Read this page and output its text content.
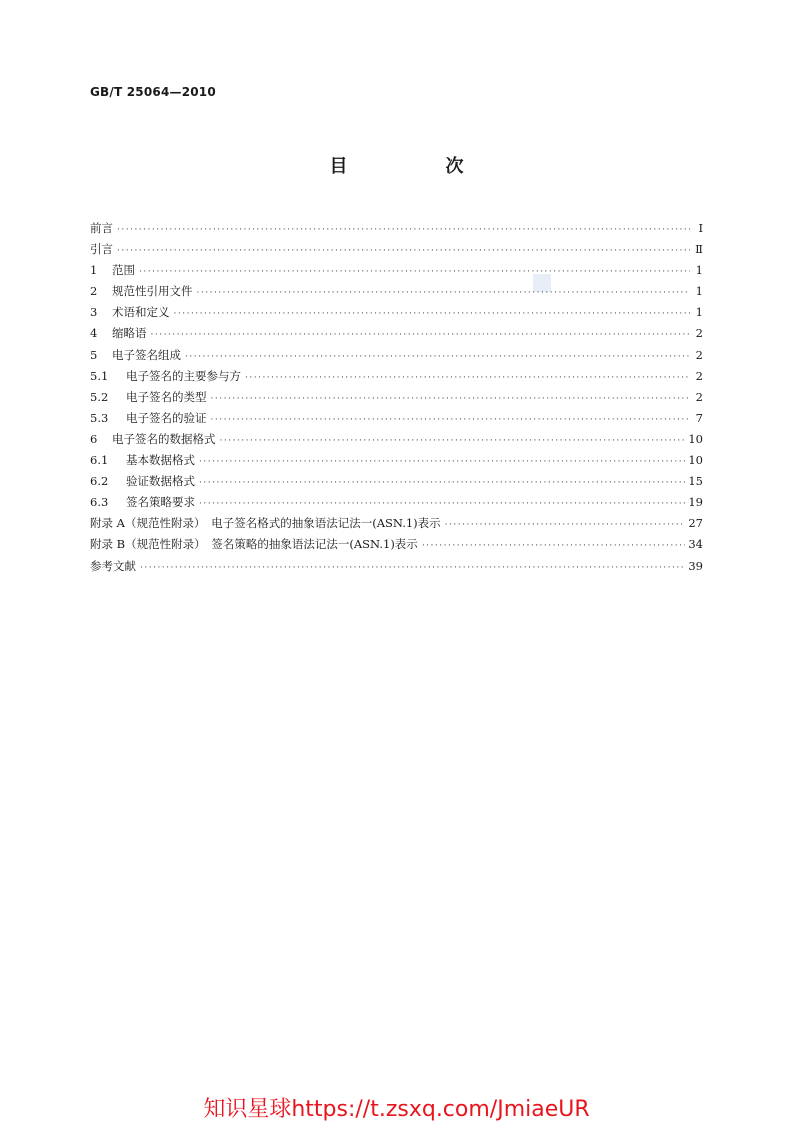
GB/T 25064—2010
目　次
前言 ·····	Ⅰ
引言 ·····	Ⅱ
1 范围 ·····	1
2 规范性引用文件 ·····	1
3 术语和定义 ·····	1
4 缩略语 ·····	2
5 电子签名组成 ·····	2
5.1 电子签名的主要参与方 ·····	2
5.2 电子签名的类型 ·····	2
5.3 电子签名的验证 ·····	7
6 电子签名的数据格式 ·····	10
6.1 基本数据格式 ·····	10
6.2 验证数据格式 ·····	15
6.3 签名策略要求 ·····	19
附录 A（规范性附录）　电子签名格式的抽象语法记法一(ASN.1)表示 ·····	27
附录 B（规范性附录）　签名策略的抽象语法记法一(ASN.1)表示 ·····	34
参考文献 ·····	39
知识星球https://t.zsxq.com/JmiaeUR
